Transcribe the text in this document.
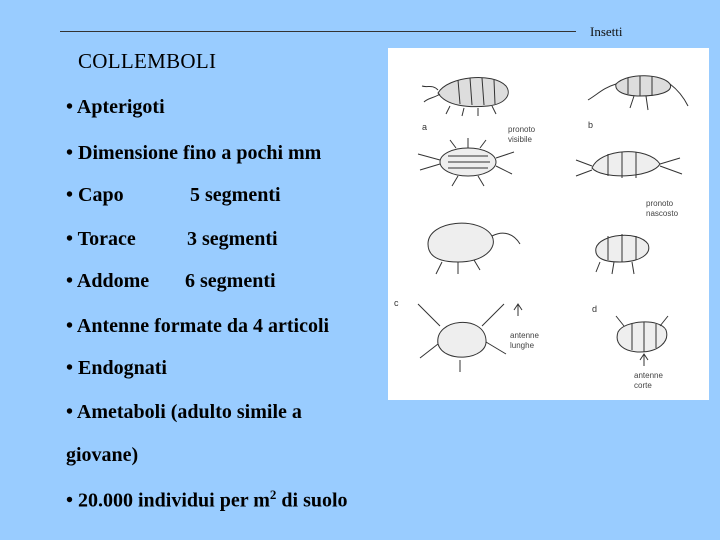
Insetti
COLLEMBOLI
• Apterigoti
• Dimensione fino a pochi mm
• Capo	5 segmenti
• Torace	3 segmenti
• Addome 6 segmenti
• Antenne formate da 4 articoli
• Endognati
• Ametaboli (adulto simile a
giovane)
• 20.000 individui per $m^2$ di suolo
a	b
c
d
pronoto
visibile
pronoto
nascosto
antenne
lunghe
antenne
corte
